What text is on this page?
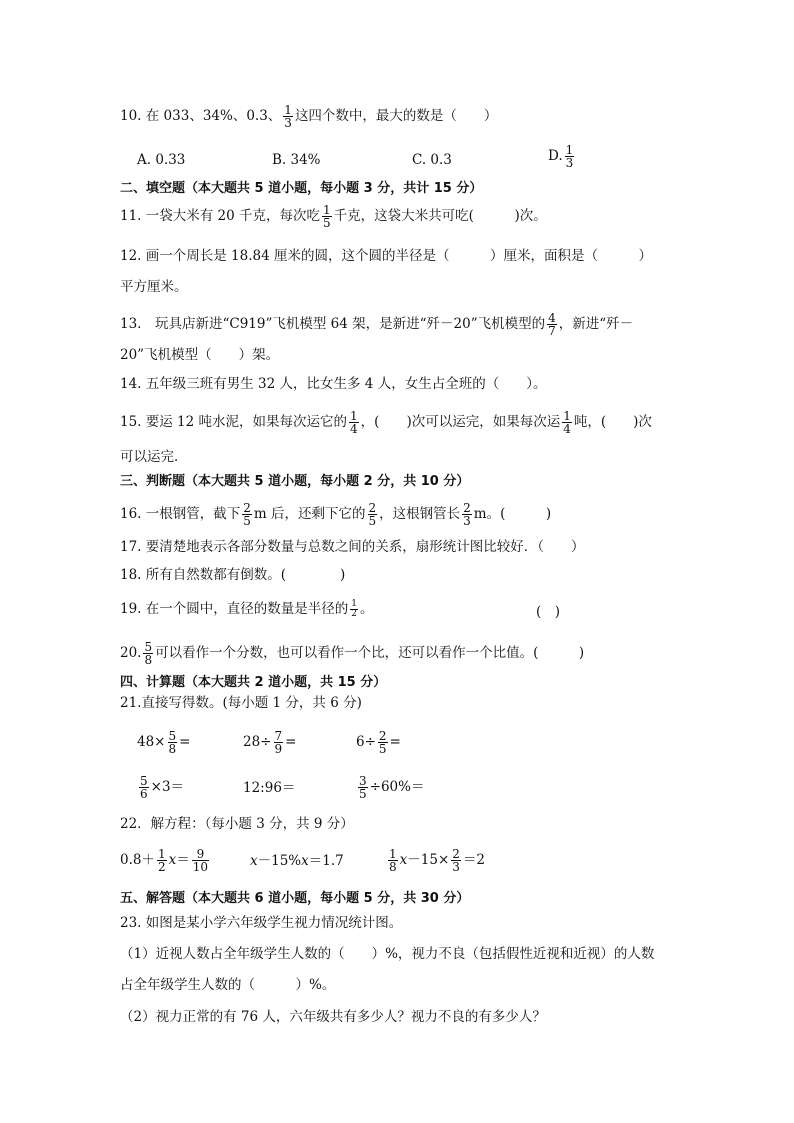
10. 在 033、34%、0.3、 $\frac{1}{3}$ 这四个数中，最大的数是（　　）
A. 0.33	B. 34%	C. 0.3	D. $\frac{1}{3}$
二、填空题（本大题共 5 道小题，每小题 3 分，共计 15 分）
11. 一袋大米有 20 千克，每次吃 $\frac{1}{5}$ 千克，这袋大米共可吃(　　　)次。
12. 画一个周长是 18.84 厘米的圆，这个圆的半径是（　　　）厘米，面积是（　　　）
平方厘米。
13.　玩具店新进“C919”飞机模型 64 架，是新进“歼－20”飞机模型的 $\frac{4}{7}$ ，新进“歼－
20”飞机模型（　　）架。
14. 五年级三班有男生 32 人，比女生多 4 人，女生占全班的（　　）。
15. 要运 12 吨水泥，如果每次运它的 $\frac{1}{4}$ ，(　　)次可以运完，如果每次运 $\frac{1}{4}$ 吨，(　　)次
可以运完．
三、判断题（本大题共 5 道小题，每小题 2 分，共 10 分）
16. 一根钢管，截下 $\frac{2}{5}$ m 后，还剩下它的 $\frac{2}{5}$ ，这根钢管长 $\frac{2}{3}$ m。(　　　)
17. 要清楚地表示各部分数量与总数之间的关系，扇形统计图比较好．（　　）
18. 所有自然数都有倒数。(　　　　)
19. 在一个圆中，直径的数量是半径的 $\frac{1}{2}$ 。	(　)
20. $\frac{5}{8}$ 可以看作一个分数，也可以看作一个比，还可以看作一个比值。(　　　)
四、计算题（本大题共 2 道小题，共 15 分）
21.直接写得数。(每小题 1 分，共 6 分)
$48\times \frac{5}{8}$ =	$28\div \frac{7}{9}$ =	$6\div \frac{2}{5}$ =
$\frac{5}{6} \times 3=$	12:96＝	$\frac{3}{5} \div 60\%=$
22．解方程：（每小题 3 分，共 9 分）
$0.8+ \frac{1}{2} x= \frac{9}{10}$	x－15%x＝1.7	$\frac{1}{8} x-15\times \frac{2}{3} =2$
五、解答题（本大题共 6 道小题，每小题 5 分，共 30 分）
23. 如图是某小学六年级学生视力情况统计图。
（1）近视人数占全年级学生人数的（　　）%，视力不良（包括假性近视和近视）的人数
占全年级学生人数的（　　　）%。
（2）视力正常的有 76 人，六年级共有多少人？视力不良的有多少人？
